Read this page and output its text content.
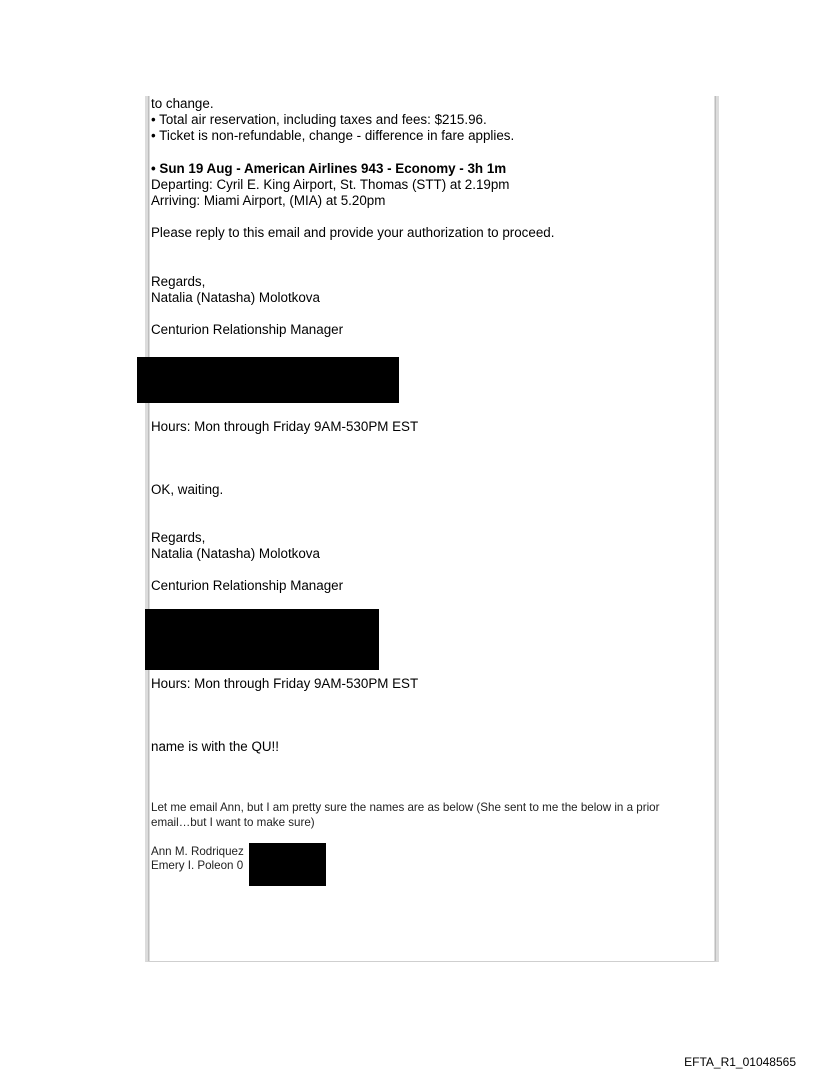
to change.
• Total air reservation, including taxes and fees: $215.96.
• Ticket is non-refundable, change - difference in fare applies.
• Sun 19 Aug - American Airlines 943 - Economy - 3h 1m
Departing: Cyril E. King Airport, St. Thomas (STT) at 2.19pm
Arriving: Miami Airport, (MIA) at 5.20pm
Please reply to this email and provide your authorization to proceed.
Regards,
Natalia (Natasha) Molotkova
Centurion Relationship Manager
Hours: Mon through Friday 9AM-530PM EST
OK, waiting.
Regards,
Natalia (Natasha) Molotkova
Centurion Relationship Manager
Hours: Mon through Friday 9AM-530PM EST
name is with the QU!!
Let me email Ann, but I am pretty sure the names are as below (She sent to me the below in a prior
email…but I want to make sure)
Ann M. Rodriquez
Emery I. Poleon 0
EFTA_R1_01048565
